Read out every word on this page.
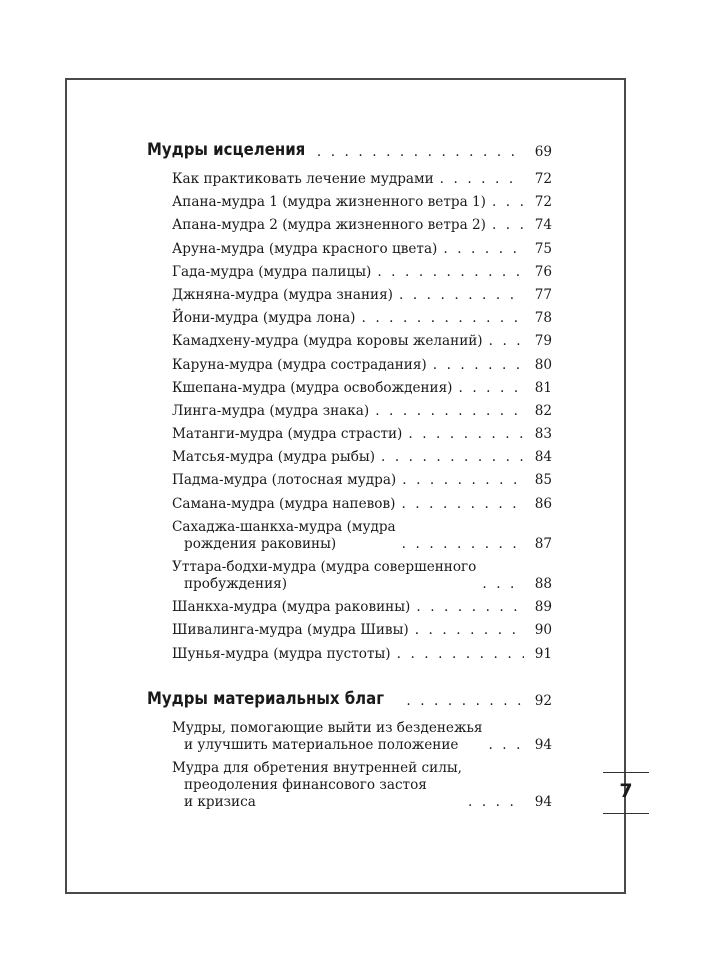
Мудры исцеления . . .	69
Как практиковать лечение мудрами . . .	72
Апана-мудра 1 (мудра жизненного ветра 1) . . .	72
Апана-мудра 2 (мудра жизненного ветра 2) . . .	74
Аруна-мудра (мудра красного цвета) . . .	75
Гада-мудра (мудра палицы) . . .	76
Джняна-мудра (мудра знания) . . .	77
Йони-мудра (мудра лона) . . .	78
Камадхену-мудра (мудра коровы желаний) . . .	79
Каруна-мудра (мудра сострадания) . . .	80
Кшепана-мудра (мудра освобождения) . . .	81
Линга-мудра (мудра знака) . . .	82
Матанги-мудра (мудра страсти) . . .	83
Матсья-мудра (мудра рыбы) . . .	84
Падма-мудра (лотосная мудра) . . .	85
Самана-мудра (мудра напевов) . . .	86
Сахаджа-шанкха-мудра (мудра
рождения раковины) . . .	87
Уттара-бодхи-мудра (мудра совершенного
пробуждения) . . .	88
Шанкха-мудра (мудра раковины) . . .	89
Шивалинга-мудра (мудра Шивы) . . .	90
Шунья-мудра (мудра пустоты) . . .	91
Мудры материальных благ . . .	92
Мудры, помогающие выйти из безденежья
и улучшить материальное положение . . .	94
Мудра для обретения внутренней силы,
преодоления финансового застоя
и кризиса . . .	94	7
